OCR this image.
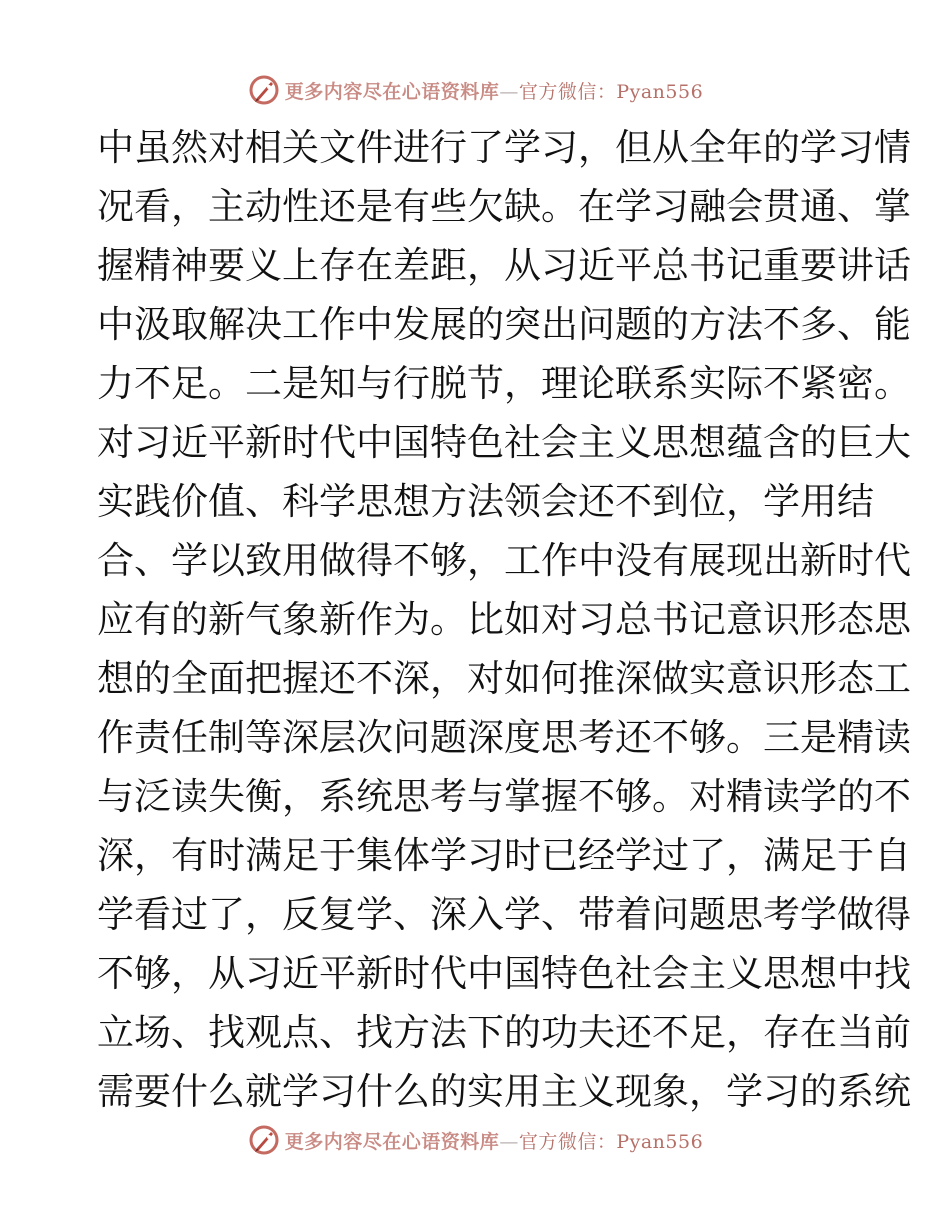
更多内容尽在心语资料库—官方微信：Pyan556
中虽然对相关文件进行了学习，但从全年的学习情
况看，主动性还是有些欠缺。在学习融会贯通、掌
握精神要义上存在差距，从习近平总书记重要讲话
中汲取解决工作中发展的突出问题的方法不多、能
力不足。二是知与行脱节，理论联系实际不紧密。
对习近平新时代中国特色社会主义思想蕴含的巨大
实践价值、科学思想方法领会还不到位，学用结
合、学以致用做得不够，工作中没有展现出新时代
应有的新气象新作为。比如对习总书记意识形态思
想的全面把握还不深，对如何推深做实意识形态工
作责任制等深层次问题深度思考还不够。三是精读
与泛读失衡，系统思考与掌握不够。对精读学的不
深，有时满足于集体学习时已经学过了，满足于自
学看过了，反复学、深入学、带着问题思考学做得
不够，从习近平新时代中国特色社会主义思想中找
立场、找观点、找方法下的功夫还不足，存在当前
需要什么就学习什么的实用主义现象，学习的系统
更多内容尽在心语资料库—官方微信：Pyan556
